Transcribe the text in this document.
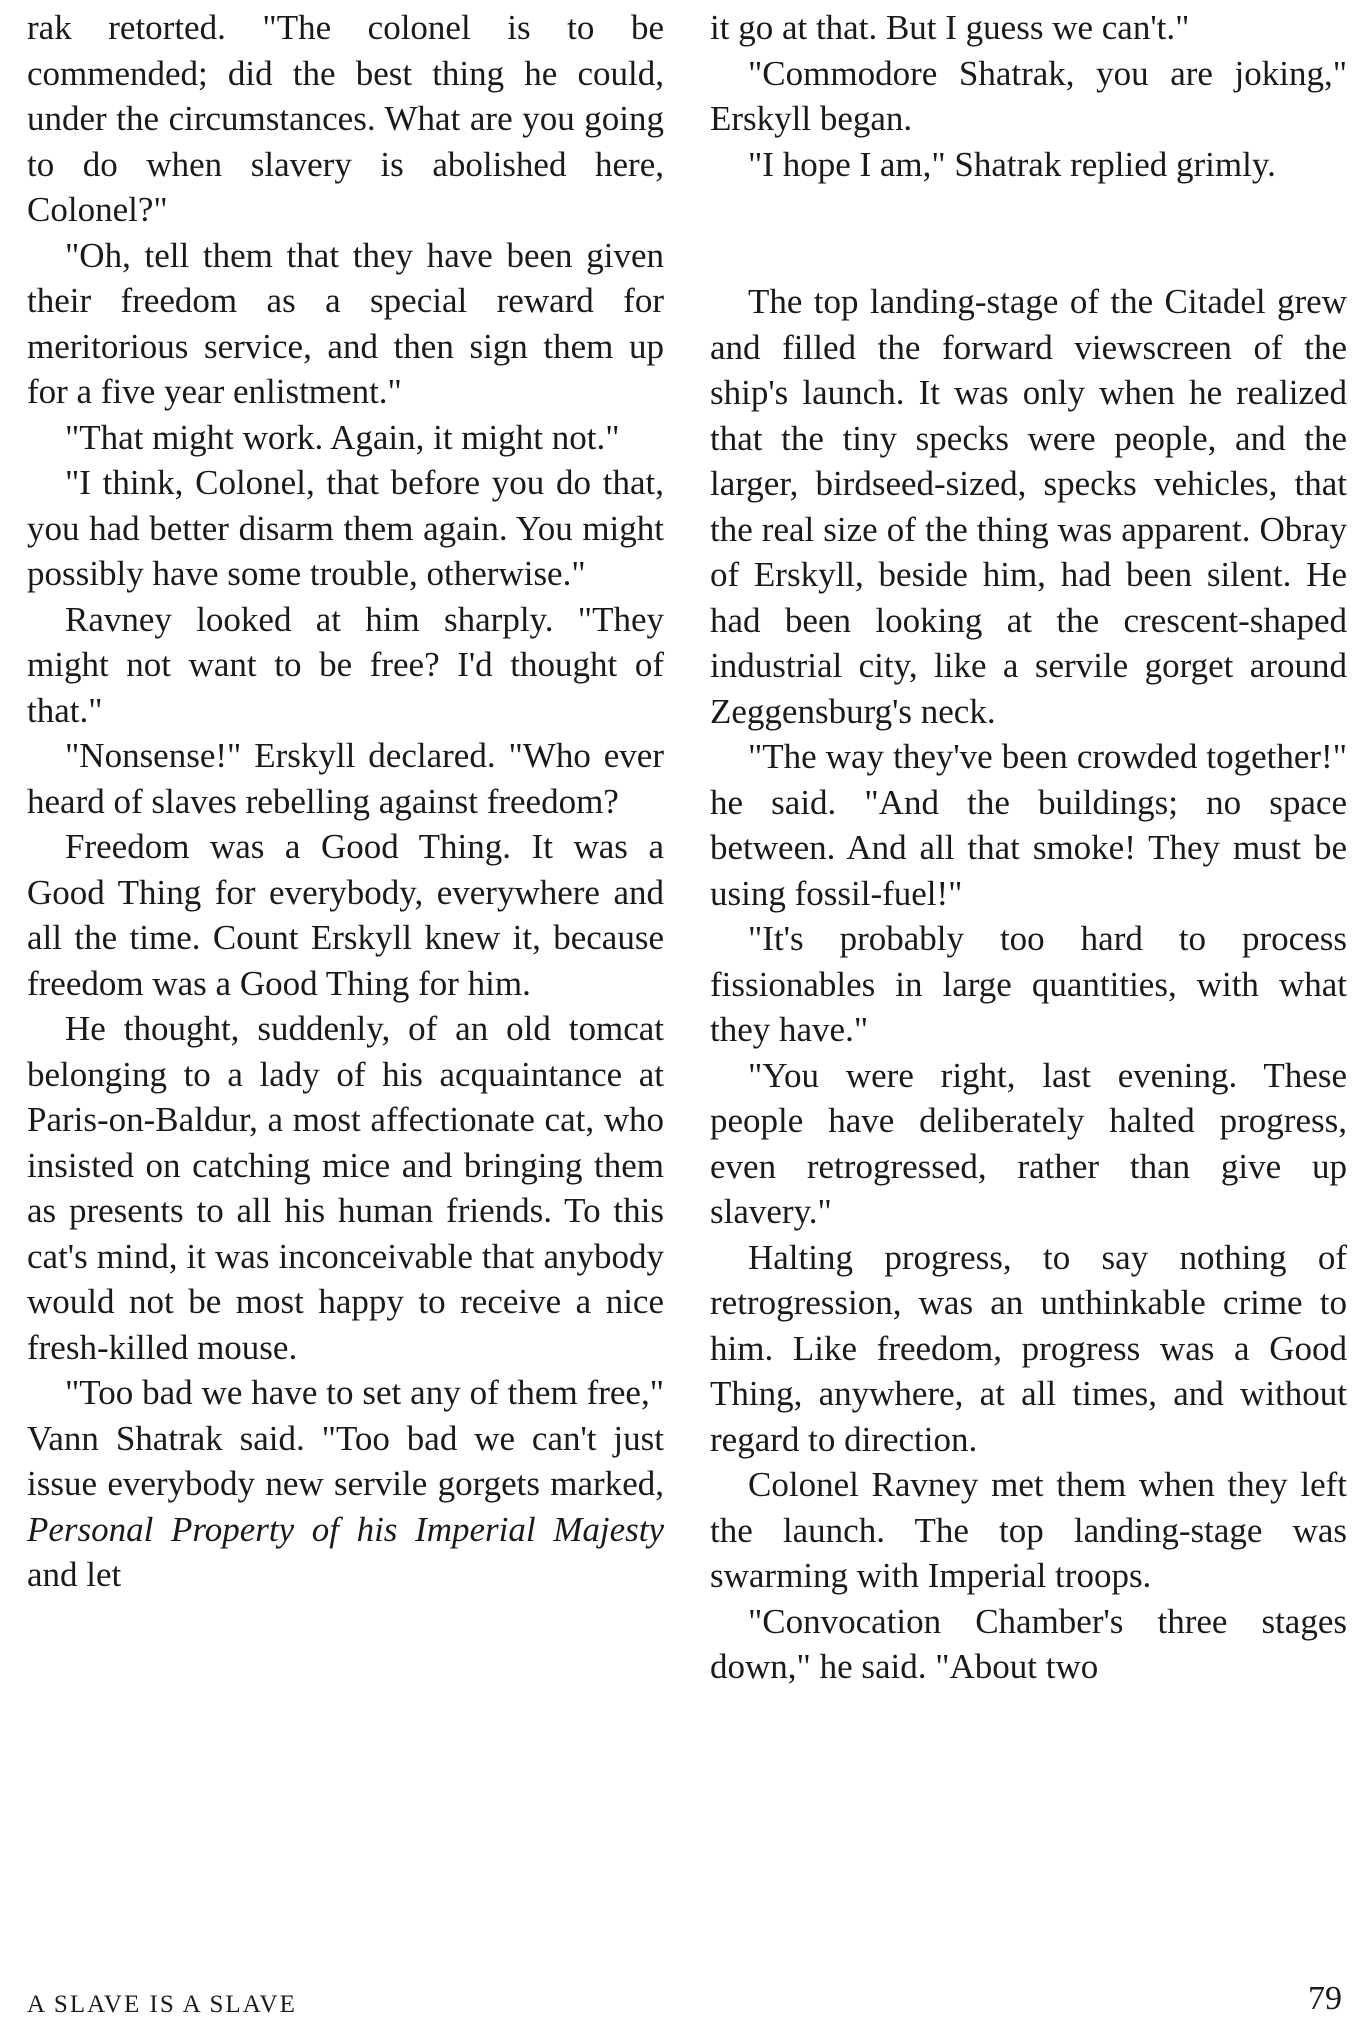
rak retorted. "The colonel is to be commended; did the best thing he could, under the circumstances. What are you going to do when slavery is abolished here, Colonel?"

"Oh, tell them that they have been given their freedom as a special reward for meritorious service, and then sign them up for a five year enlistment."

"That might work. Again, it might not."

"I think, Colonel, that before you do that, you had better disarm them again. You might possibly have some trouble, otherwise."

Ravney looked at him sharply. "They might not want to be free? I'd thought of that."

"Nonsense!" Erskyll declared. "Who ever heard of slaves rebelling against freedom?

Freedom was a Good Thing. It was a Good Thing for everybody, everywhere and all the time. Count Erskyll knew it, because freedom was a Good Thing for him.

He thought, suddenly, of an old tomcat belonging to a lady of his acquaintance at Paris-on-Baldur, a most affectionate cat, who insisted on catching mice and bringing them as presents to all his human friends. To this cat's mind, it was inconceivable that anybody would not be most happy to receive a nice fresh-killed mouse.

"Too bad we have to set any of them free," Vann Shatrak said. "Too bad we can't just issue everybody new servile gorgets marked, Personal Property of his Imperial Majesty and let

it go at that. But I guess we can't."

"Commodore Shatrak, you are joking," Erskyll began.

"I hope I am," Shatrak replied grimly.

The top landing-stage of the Citadel grew and filled the forward viewscreen of the ship's launch. It was only when he realized that the tiny specks were people, and the larger, birdseed-sized, specks vehicles, that the real size of the thing was apparent. Obray of Erskyll, beside him, had been silent. He had been looking at the crescent-shaped industrial city, like a servile gorget around Zeggensburg's neck.

"The way they've been crowded together!" he said. "And the buildings; no space between. And all that smoke! They must be using fossil-fuel!"

"It's probably too hard to process fissionables in large quantities, with what they have."

"You were right, last evening. These people have deliberately halted progress, even retrogressed, rather than give up slavery."

Halting progress, to say nothing of retrogression, was an unthinkable crime to him. Like freedom, progress was a Good Thing, anywhere, at all times, and without regard to direction.

Colonel Ravney met them when they left the launch. The top landing-stage was swarming with Imperial troops.

"Convocation Chamber's three stages down," he said. "About two

A SLAVE IS A SLAVE	79
